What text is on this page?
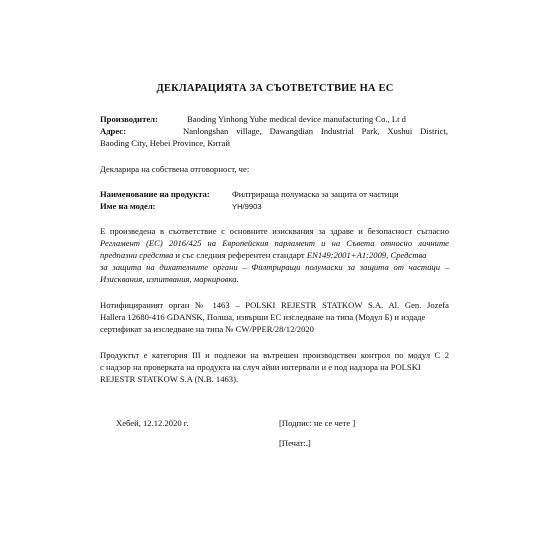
ДЕКЛАРАЦИЯТА ЗА СЪОТВЕТСТВИЕ НА ЕС
Производител:	Baoding Yinhong Yuhe medical device manufacturing Co., Lt d
Адрес:	Nanlongshan village, Dawangdian Industrial Park, Xushui District,
Baoding City, Hebei Province, Китай
Декларира на собствена отговорност, че:
Наименование на продукта:	Филтрираща полумаска за защита от частици
Име на модел:	YH/9903
Е произведена в съответствие с основните изисквания за здраве и безопасност съгласно
Регламент (ЕС) 2016/425 на Европейския парламент и на Съвета относно личните
предпазни средства и със следния референтен стандарт EN149:2001+A1:2009, Средства
за защита на дихателните органи – Филтриращи полумаски за защита от частици –
Изисквания, изпитвания, маркировка.
Нотифицираният орган № 1463 – POLSKI REJESTR STATKOW S.A. Al. Gen. Jozefa
Hallera 12680-416 GDANSK, Полша, извърши ЕС изследване на типа (Модул Б) и издаде
сертификат за изследване на типа № CW/PPER/28/12/2020
Продуктът е категория III и подлежи на вътрешен производствен контрол по модул С 2
с надзор на проверката на продукта на случ айни интервали и е под надзора на POLSKI
REJESTR STATKOW S.A (N.B. 1463).
Хебей, 12.12.2020 г.	[Подпис: не се чете ]
[Печат:.]
